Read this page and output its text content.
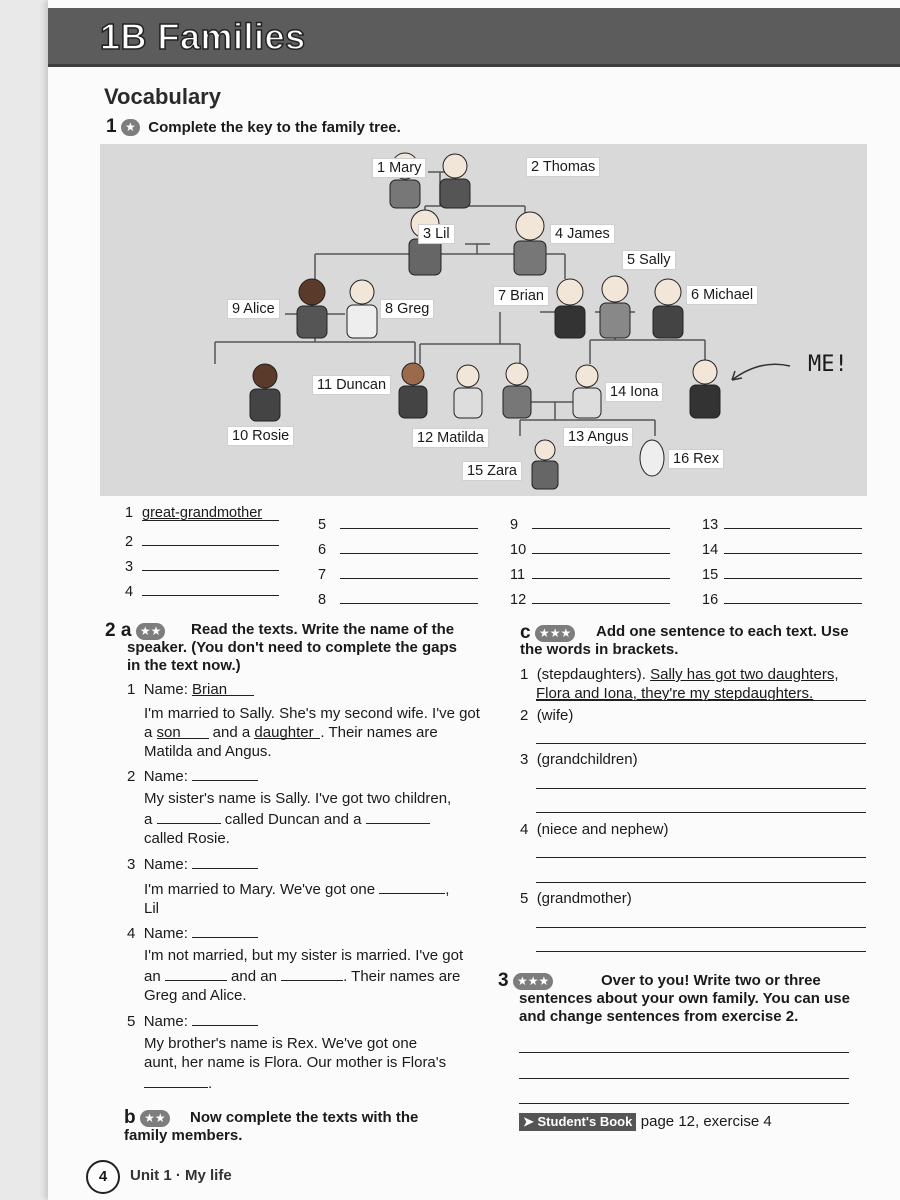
1B Families
Vocabulary
1 ★ Complete the key to the family tree.
1 Mary	2 Thomas
3 Lil	4 James
5 Sally
6 Michael
7 Brian
8 Greg
9 Alice
10 Rosie
11 Duncan
12 Matilda	13 Angus
14 Iona
15 Zara
16 Rex
ME!
1 great-grandmother
2
3
4
5
6
7
8
9
10
11
12
13
14
15
16
2 a ★★	Read the texts. Write the name of the speaker. (You don't need to complete the gaps in the text now.)
1 Name: Brian
I'm married to Sally. She's my second wife. I've got a son and a daughter . Their names are Matilda and Angus.
2 Name:
My sister's name is Sally. I've got two children,
a	called Duncan and a
called Rosie.
3 Name:
I'm married to Mary. We've got one	,
Lil
4 Name:
I'm not married, but my sister is married. I've got
an	and an	. Their names are
Greg and Alice.
5 Name:
My brother's name is Rex. We've got one
aunt, her name is Flora. Our mother is Flora's
.
b ★★	Now complete the texts with the family members.
c ★★★	Add one sentence to each text. Use the words in brackets.
1 (stepdaughters). Sally has got two daughters,
Flora and Iona, they're my stepdaughters.
2 (wife)
3 (grandchildren)
4 (niece and nephew)
5 (grandmother)
3 ★★★	Over to you! Write two or three sentences about your own family. You can use and change sentences from exercise 2.
➤ Student's Book page 12, exercise 4
4	Unit 1 · My life
